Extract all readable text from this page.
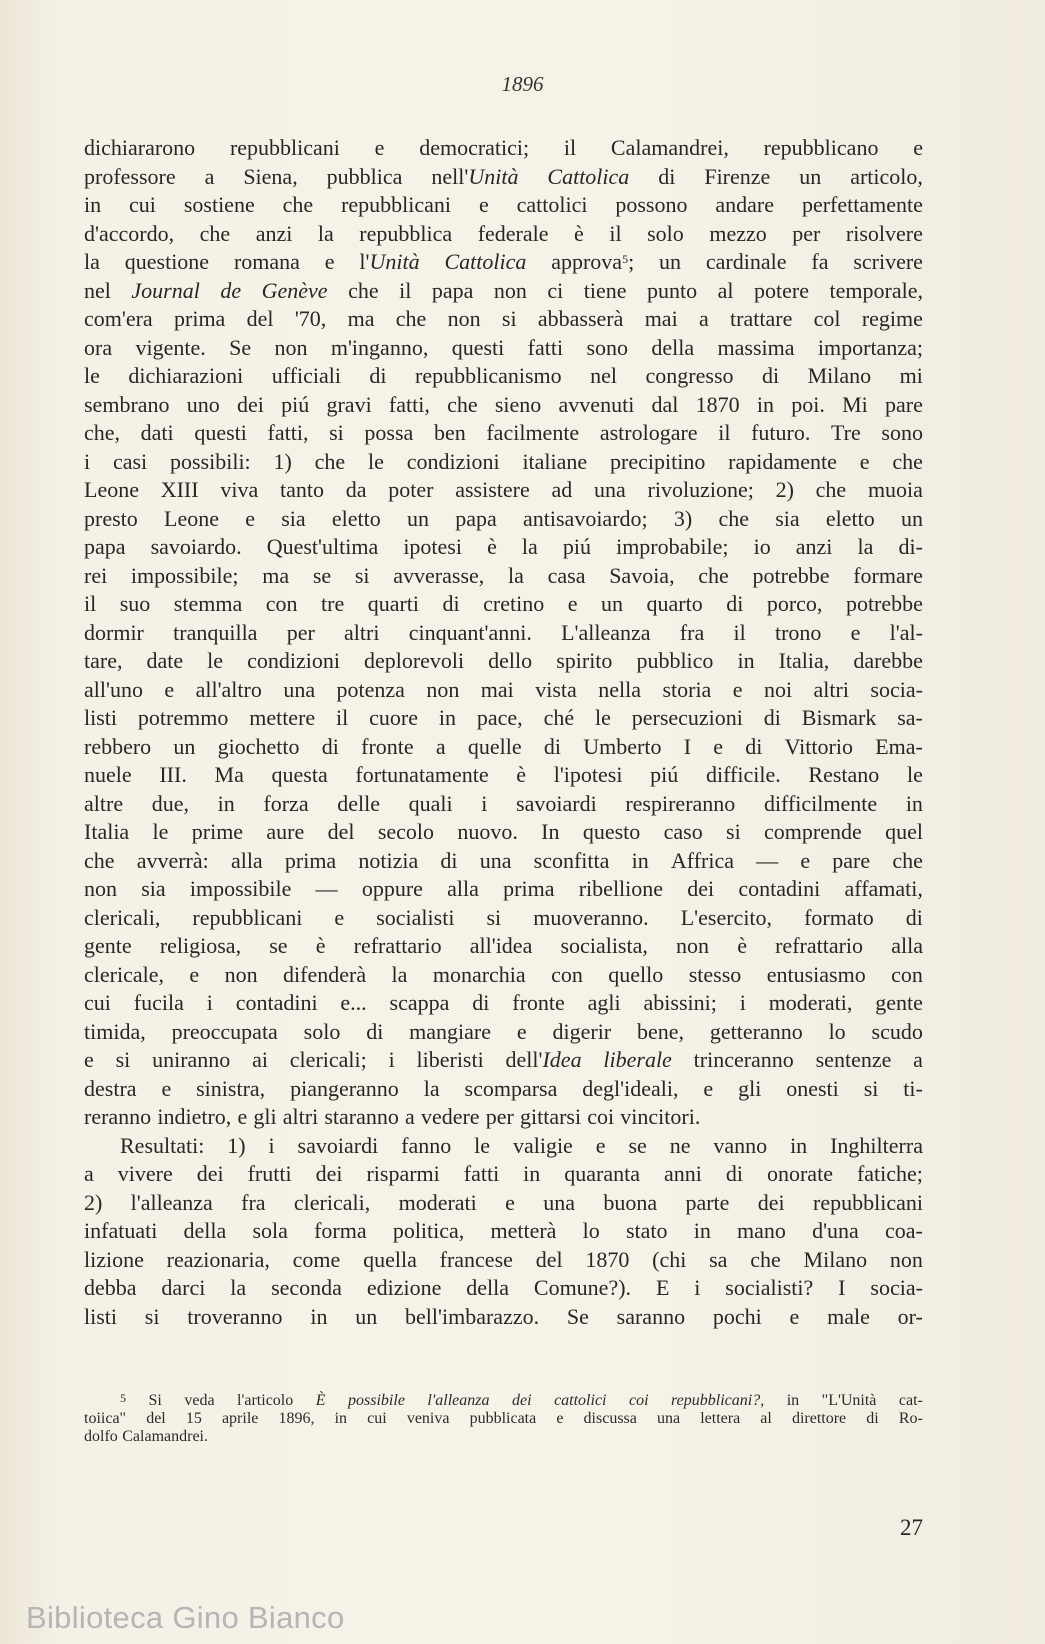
1896
dichiararono repubblicani e democratici; il Calamandrei, repubblicano e
professore a Siena, pubblica nell'Unità Cattolica di Firenze un articolo,
in cui sostiene che repubblicani e cattolici possono andare perfettamente
d'accordo, che anzi la repubblica federale è il solo mezzo per risolvere
la questione romana e l'Unità Cattolica approva$^5$; un cardinale fa scrivere
nel Journal de Genève che il papa non ci tiene punto al potere temporale,
com'era prima del '70, ma che non si abbasserà mai a trattare col regime
ora vigente. Se non m'inganno, questi fatti sono della massima importanza;
le dichiarazioni ufficiali di repubblicanismo nel congresso di Milano mi
sembrano uno dei piú gravi fatti, che sieno avvenuti dal 1870 in poi. Mi pare
che, dati questi fatti, si possa ben facilmente astrologare il futuro. Tre sono
i casi possibili: 1) che le condizioni italiane precipitino rapidamente e che
Leone XIII viva tanto da poter assistere ad una rivoluzione; 2) che muoia
presto Leone e sia eletto un papa antisavoiardo; 3) che sia eletto un
papa savoiardo. Quest'ultima ipotesi è la piú improbabile; io anzi la di-
rei impossibile; ma se si avverasse, la casa Savoia, che potrebbe formare
il suo stemma con tre quarti di cretino e un quarto di porco, potrebbe
dormir tranquilla per altri cinquant'anni. L'alleanza fra il trono e l'al-
tare, date le condizioni deplorevoli dello spirito pubblico in Italia, darebbe
all'uno e all'altro una potenza non mai vista nella storia e noi altri socia-
listi potremmo mettere il cuore in pace, ché le persecuzioni di Bismark sa-
rebbero un giochetto di fronte a quelle di Umberto I e di Vittorio Ema-
nuele III. Ma questa fortunatamente è l'ipotesi piú difficile. Restano le
altre due, in forza delle quali i savoiardi respireranno difficilmente in
Italia le prime aure del secolo nuovo. In questo caso si comprende quel
che avverrà: alla prima notizia di una sconfitta in Affrica — e pare che
non sia impossibile — oppure alla prima ribellione dei contadini affamati,
clericali, repubblicani e socialisti si muoveranno. L'esercito, formato di
gente religiosa, se è refrattario all'idea socialista, non è refrattario alla
clericale, e non difenderà la monarchia con quello stesso entusiasmo con
cui fucila i contadini e... scappa di fronte agli abissini; i moderati, gente
timida, preoccupata solo di mangiare e digerir bene, getteranno lo scudo
e si uniranno ai clericali; i liberisti dell'Idea liberale trinceranno sentenze a
destra e sinistra, piangeranno la scomparsa degl'ideali, e gli onesti si ti-
reranno indietro, e gli altri staranno a vedere per gittarsi coi vincitori.
Resultati: 1) i savoiardi fanno le valigie e se ne vanno in Inghilterra
a vivere dei frutti dei risparmi fatti in quaranta anni di onorate fatiche;
2) l'alleanza fra clericali, moderati e una buona parte dei repubblicani
infatuati della sola forma politica, metterà lo stato in mano d'una coa-
lizione reazionaria, come quella francese del 1870 (chi sa che Milano non
debba darci la seconda edizione della Comune?). E i socialisti? I socia-
listi si troveranno in un bell'imbarazzo. Se saranno pochi e male or-
$^5$ Si veda l'articolo È possibile l'alleanza dei cattolici coi repubblicani?, in "L'Unità cat-
toiica" del 15 aprile 1896, in cui veniva pubblicata e discussa una lettera al direttore di Ro-
dolfo Calamandrei.
27
Biblioteca Gino Bianco
